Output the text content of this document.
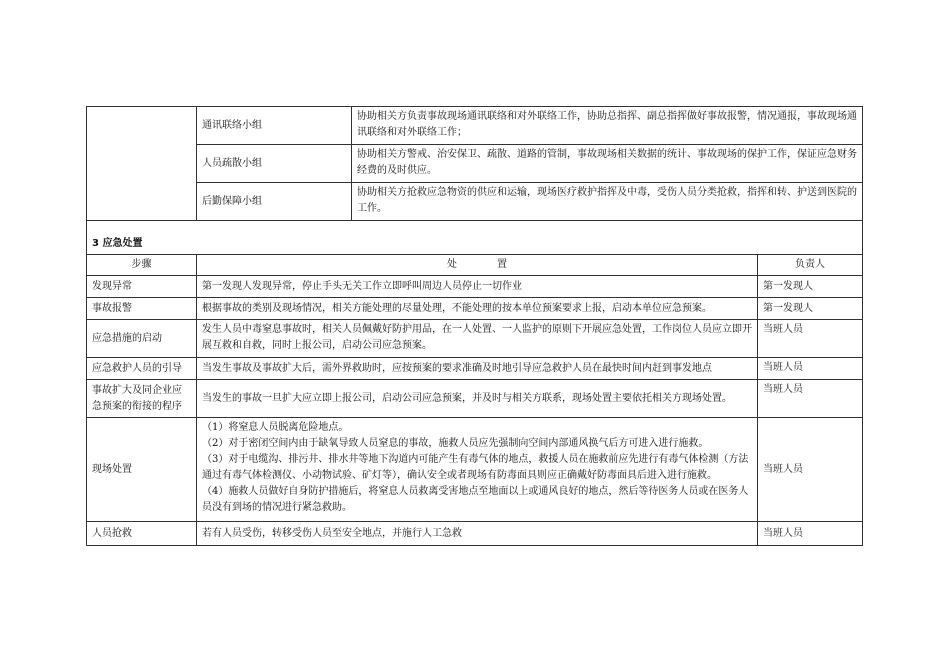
	通讯联络小组	协助相关方负责事故现场通讯联络和对外联络工作，协助总指挥、副总指挥做好事故报警，情况通报，事故现场通讯联络和对外联络工作；	
	人员疏散小组	协助相关方警戒、治安保卫、疏散、道路的管制，事故现场相关数据的统计、事故现场的保护工作，保证应急财务经费的及时供应。	
	后勤保障小组	协助相关方抢救应急物资的供应和运输，现场医疗救护指挥及中毒，受伤人员分类抢救，指挥和转、护送到医院的工作。	
3 应急处置			
步骤	处　　　　置		负责人
发现异常	第一发现人发现异常，停止手头无关工作立即呼叫周边人员停止一切作业		第一发现人
事故报警	根据事故的类别及现场情况，相关方能处理的尽量处理，不能处理的按本单位预案要求上报，启动本单位应急预案。		第一发现人
应急措施的启动	发生人员中毒窒息事故时，相关人员佩戴好防护用品，在一人处置、一人监护的原则下开展应急处置，工作岗位人员应立即开展互救和自救，同时上报公司，启动公司应急预案。		当班人员
应急救护人员的引导	当发生事故及事故扩大后，需外界救助时，应按预案的要求准确及时地引导应急救护人员在最快时间内赶到事发地点		当班人员
事故扩大及同企业应急预案的衔接的程序	当发生的事故一旦扩大应立即上报公司，启动公司应急预案，并及时与相关方联系，现场处置主要依托相关方现场处置。		当班人员
现场处置	（1）将窒息人员脱离危险地点。
（2）对于密闭空间内由于缺氧导致人员窒息的事故，施救人员应先强制向空间内部通风换气后方可进入进行施救。
（3）对于电缆沟、排污井、排水井等地下沟道内可能产生有毒气体的地点，救援人员在施救前应先进行有毒气体检测（方法通过有毒气体检测仪、小动物试验、矿灯等），确认安全或者现场有防毒面具则应正确戴好防毒面具后进入进行施救。
（4）施救人员做好自身防护措施后，将窒息人员救离受害地点至地面以上或通风良好的地点，然后等待医务人员或在医务人员没有到场的情况进行紧急救助。		当班人员
人员抢救	若有人员受伤，转移受伤人员至安全地点，并施行人工急救		当班人员
